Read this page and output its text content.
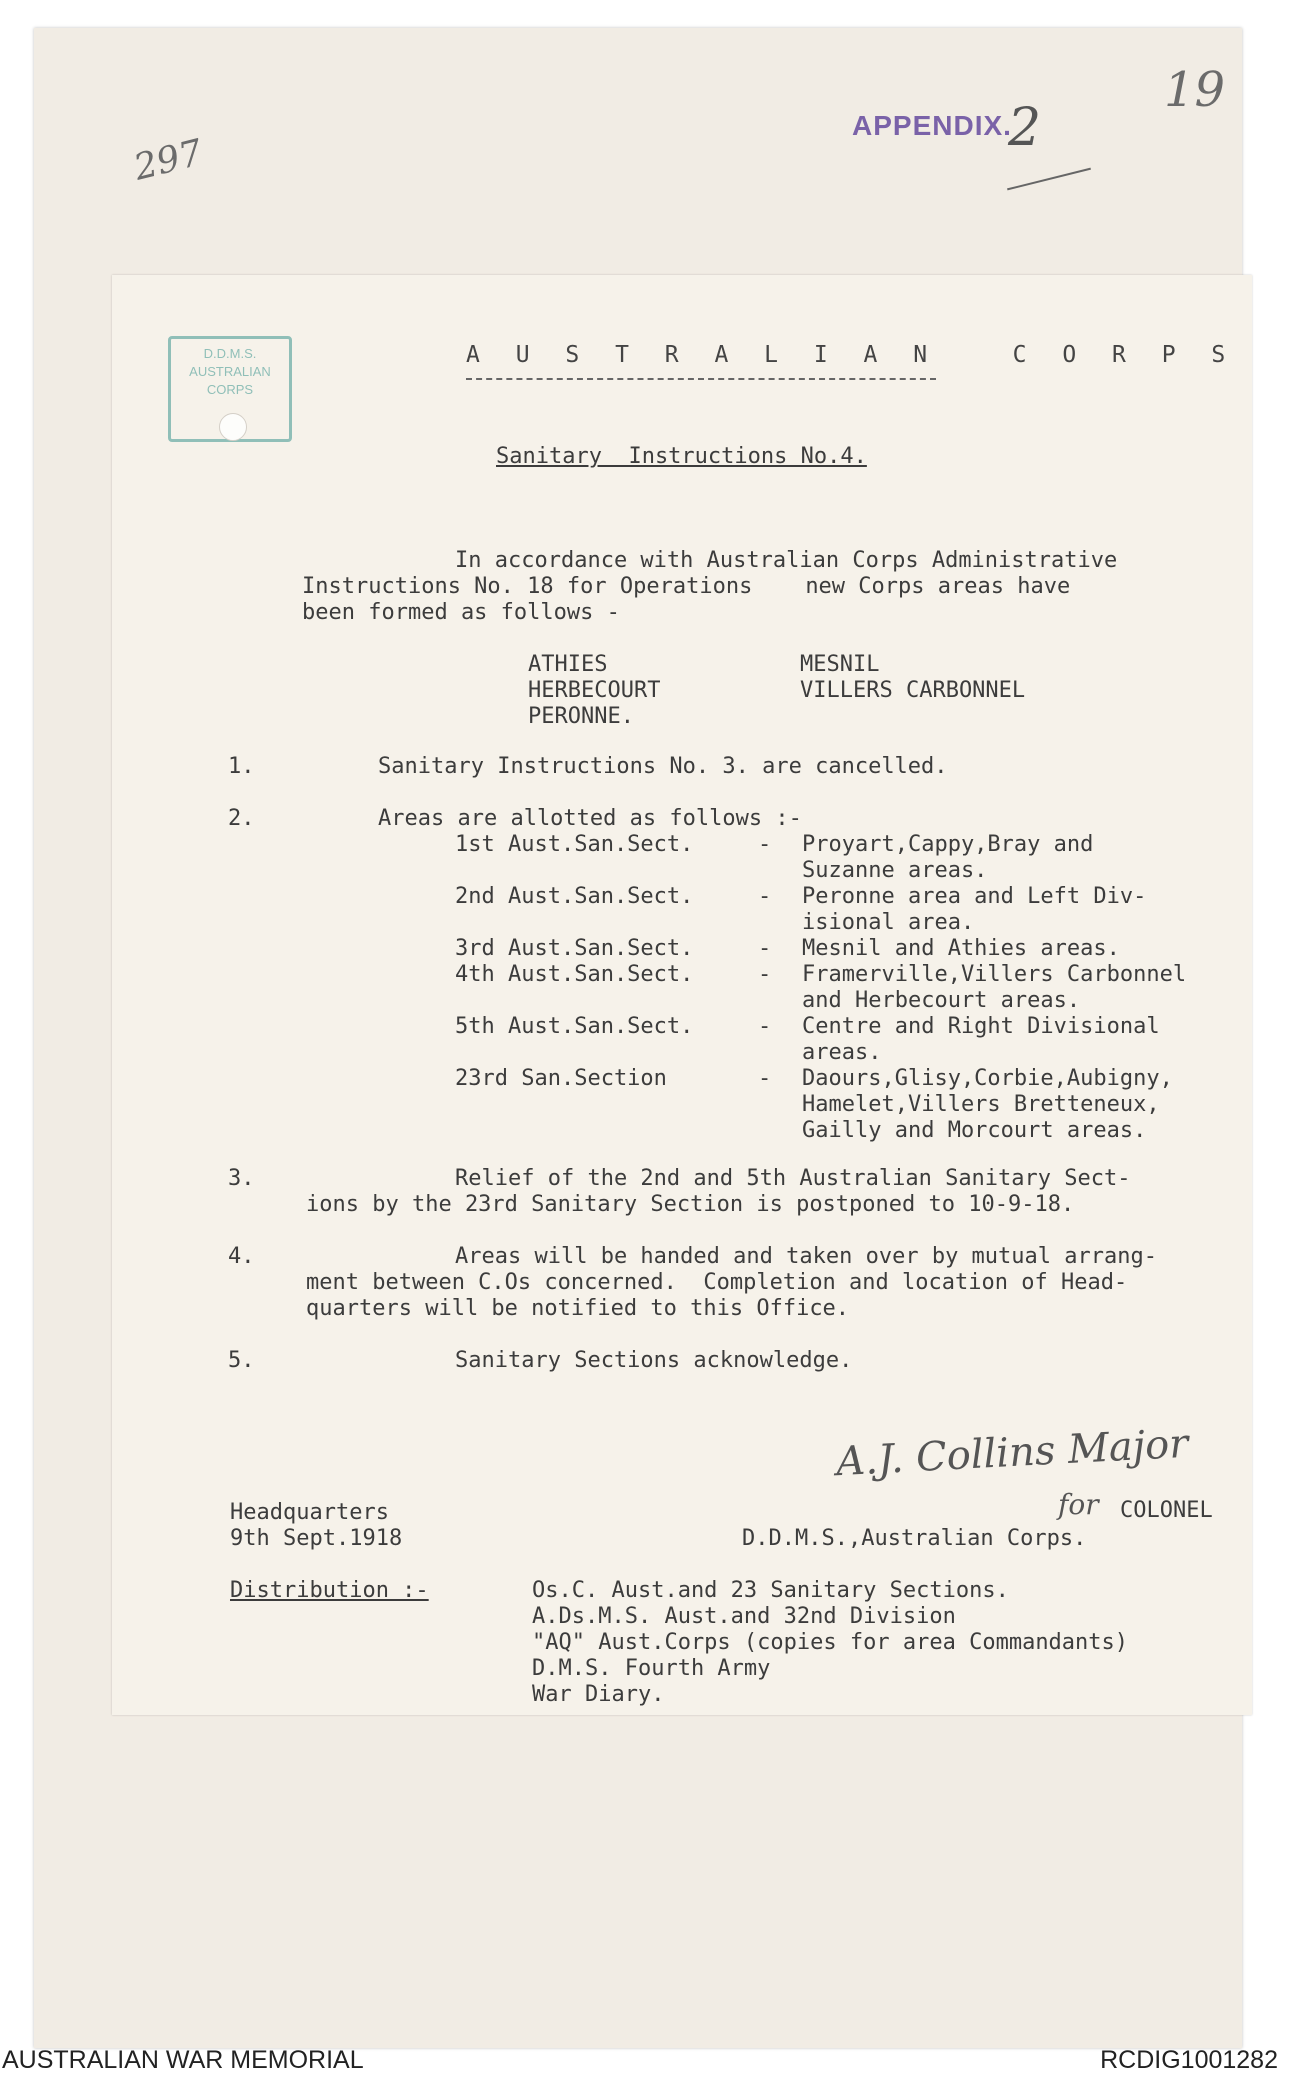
297
19
APPENDIX.
2
D.D.M.S.
AUSTRALIAN
CORPS
A U S T R A L I A N   C O R P S
Sanitary  Instructions No.4.
In accordance with Australian Corps Administrative
Instructions No. 18 for Operations    new Corps areas have
been formed as follows -
ATHIES
HERBECOURT
PERONNE.
MESNIL
VILLERS CARBONNEL
1.	Sanitary Instructions No. 3. are cancelled.
2.	Areas are allotted as follows :-
1st Aust.San.Sect.	- Proyart,Cappy,Bray and
Suzanne areas.
2nd Aust.San.Sect.	- Peronne area and Left Div-
isional area.
3rd Aust.San.Sect.	- Mesnil and Athies areas.
4th Aust.San.Sect.	- Framerville,Villers Carbonnel
and Herbecourt areas.
5th Aust.San.Sect.	- Centre and Right Divisional
areas.
23rd San.Section	- Daours,Glisy,Corbie,Aubigny,
Hamelet,Villers Bretteneux,
Gailly and Morcourt areas.
3.	Relief of the 2nd and 5th Australian Sanitary Sect-
ions by the 23rd Sanitary Section is postponed to 10-9-18.
4.	Areas will be handed and taken over by mutual arrang-
ment between C.Os concerned.  Completion and location of Head-
quarters will be notified to this Office.
5.	Sanitary Sections acknowledge.
A.J. Collins Major
for COLONEL
D.D.M.S.,Australian Corps.
Headquarters
9th Sept.1918
Distribution :-	Os.C. Aust.and 23 Sanitary Sections.
A.Ds.M.S. Aust.and 32nd Division
"AQ" Aust.Corps (copies for area Commandants)
D.M.S. Fourth Army
War Diary.
AUSTRALIAN WAR MEMORIAL	RCDIG1001282
